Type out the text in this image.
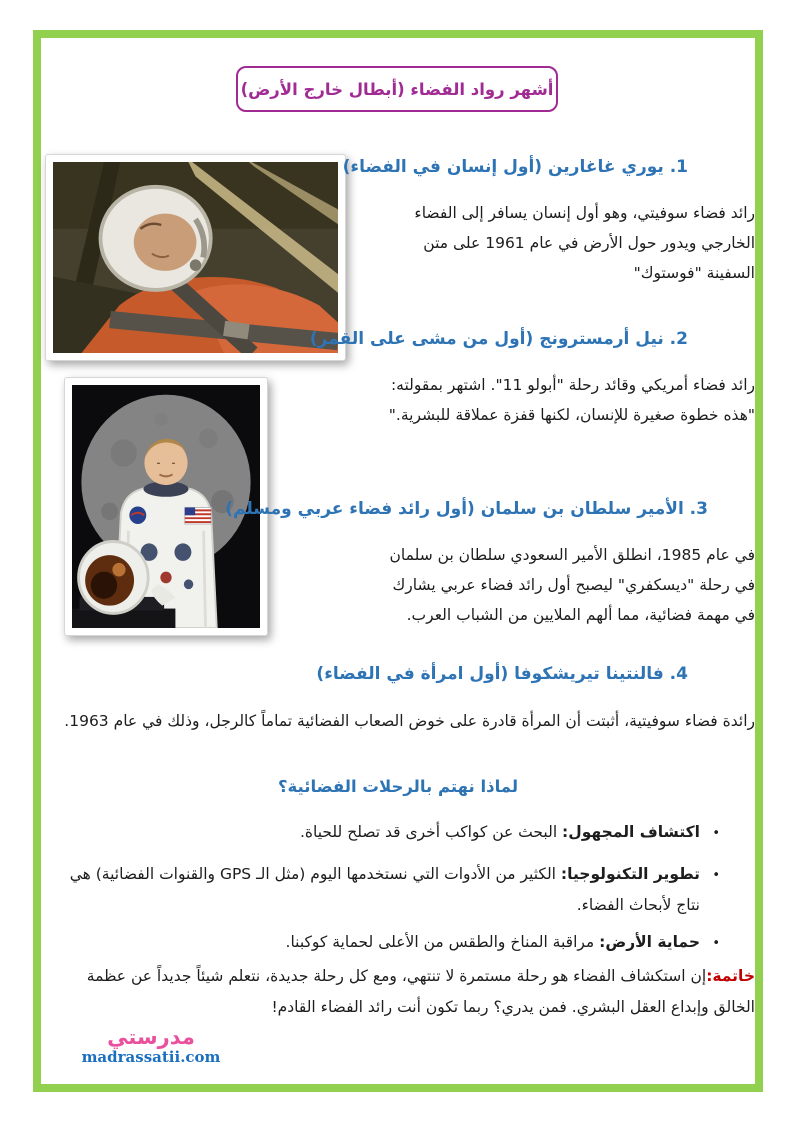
أشهر رواد الفضاء (أبطال خارج الأرض)
1. يوري غاغارين (أول إنسان في الفضاء)
رائد فضاء سوفيتي، وهو أول إنسان يسافر إلى الفضاء الخارجي ويدور حول الأرض في عام 1961 على متن السفينة "فوستوك"
2. نيل أرمسترونج (أول من مشى على القمر)
رائد فضاء أمريكي وقائد رحلة "أبولو 11". اشتهر بمقولته: "هذه خطوة صغيرة للإنسان، لكنها قفزة عملاقة للبشرية."
3. الأمير سلطان بن سلمان (أول رائد فضاء عربي ومسلم)
في عام 1985، انطلق الأمير السعودي سلطان بن سلمان في رحلة "ديسكفري" ليصبح أول رائد فضاء عربي يشارك في مهمة فضائية، مما ألهم الملايين من الشباب العرب.
4. فالنتينا تيريشكوفا (أول امرأة في الفضاء)
رائدة فضاء سوفيتية، أثبتت أن المرأة قادرة على خوض الصعاب الفضائية تماماً كالرجل، وذلك في عام 1963.
لماذا نهتم بالرحلات الفضائية؟
•
اكتشاف المجهول: البحث عن كواكب أخرى قد تصلح للحياة.
•
تطوير التكنولوجيا: الكثير من الأدوات التي نستخدمها اليوم (مثل الـ GPS والقنوات الفضائية) هي نتاج لأبحاث الفضاء.
•
حماية الأرض: مراقبة المناخ والطقس من الأعلى لحماية كوكبنا.
خاتمة:إن استكشاف الفضاء هو رحلة مستمرة لا تنتهي، ومع كل رحلة جديدة، نتعلم شيئاً جديداً عن عظمة الخالق وإبداع العقل البشري. فمن يدري؟ ربما تكون أنت رائد الفضاء القادم!
مدرستي
madrassatii.com
